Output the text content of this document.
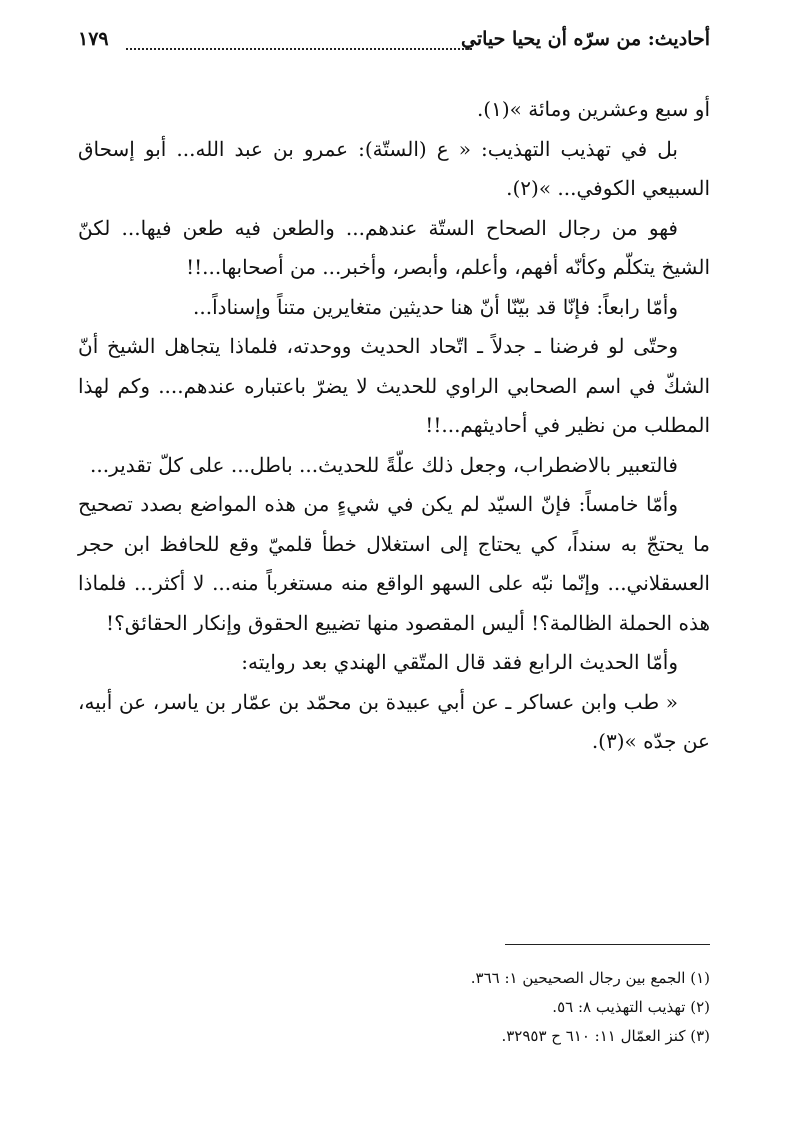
أحاديث: من سرّه أن يحيا حياتي
١٧٩

أو سبع وعشرين ومائة »(١).

بل في تهذيب التهذيب: « ع (الستّة): عمرو بن عبد الله... أبو إسحاق السبيعي الكوفي... »(٢).

فهو من رجال الصحاح الستّة عندهم... والطعن فيه طعن فيها... لكنّ الشيخ يتكلّم وكأنّه أفهم، وأعلم، وأبصر، وأخبر... من أصحابها...!!

وأمّا رابعاً: فإنّا قد بيّنّا أنّ هنا حديثين متغايرين متناً وإسناداً...

وحتّى لو فرضنا ـ جدلاً ـ اتّحاد الحديث ووحدته، فلماذا يتجاهل الشيخ أنّ الشكّ في اسم الصحابي الراوي للحديث لا يضرّ باعتباره عندهم.... وكم لهذا المطلب من نظير في أحاديثهم...!!

فالتعبير بالاضطراب، وجعل ذلك علّةً للحديث... باطل... على كلّ تقدير...

وأمّا خامساً: فإنّ السيّد لم يكن في شيءٍ من هذه المواضع بصدد تصحيح ما يحتجّ به سنداً، كي يحتاج إلى استغلال خطأ قلميّ وقع للحافظ ابن حجر العسقلاني... وإنّما نبّه على السهو الواقع منه مستغرباً منه... لا أكثر... فلماذا هذه الحملة الظالمة؟! أليس المقصود منها تضييع الحقوق وإنكار الحقائق؟!

وأمّا الحديث الرابع فقد قال المتّقي الهندي بعد روايته:

« طب وابن عساكر ـ عن أبي عبيدة بن محمّد بن عمّار بن ياسر، عن أبيه، عن جدّه »(٣).

(١) الجمع بين رجال الصحيحين ١: ٣٦٦.

(٢) تهذيب التهذيب ٨: ٥٦.

(٣) كنز العمّال ١١: ٦١٠ ح ٣٢٩٥٣.
